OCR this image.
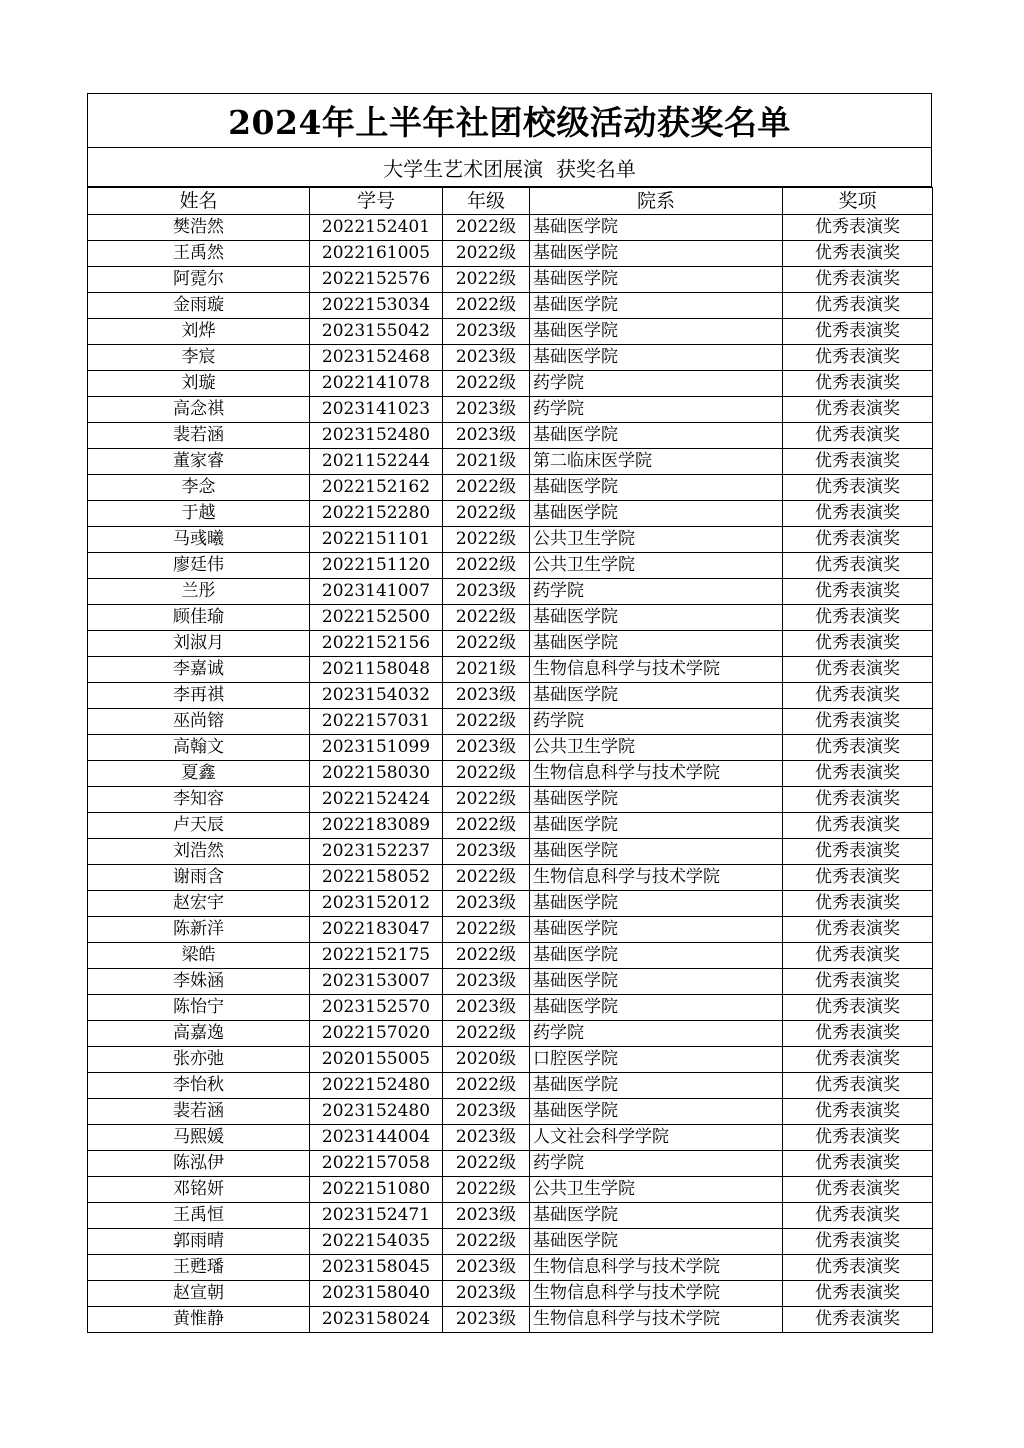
2024年上半年社团校级活动获奖名单
大学生艺术团展演  获奖名单
姓名	学号	年级	院系	奖项
樊浩然	2022152401	2022级	基础医学院	优秀表演奖
王禹然	2022161005	2022级	基础医学院	优秀表演奖
阿霓尔	2022152576	2022级	基础医学院	优秀表演奖
金雨璇	2022153034	2022级	基础医学院	优秀表演奖
刘烨	2023155042	2023级	基础医学院	优秀表演奖
李宸	2023152468	2023级	基础医学院	优秀表演奖
刘璇	2022141078	2022级	药学院	优秀表演奖
高念祺	2023141023	2023级	药学院	优秀表演奖
裴若涵	2023152480	2023级	基础医学院	优秀表演奖
董家睿	2021152244	2021级	第二临床医学院	优秀表演奖
李念	2022152162	2022级	基础医学院	优秀表演奖
于越	2022152280	2022级	基础医学院	优秀表演奖
马彧曦	2022151101	2022级	公共卫生学院	优秀表演奖
廖廷伟	2022151120	2022级	公共卫生学院	优秀表演奖
兰彤	2023141007	2023级	药学院	优秀表演奖
顾佳瑜	2022152500	2022级	基础医学院	优秀表演奖
刘淑月	2022152156	2022级	基础医学院	优秀表演奖
李嘉诚	2021158048	2021级	生物信息科学与技术学院	优秀表演奖
李再祺	2023154032	2023级	基础医学院	优秀表演奖
巫尚镕	2022157031	2022级	药学院	优秀表演奖
高翰文	2023151099	2023级	公共卫生学院	优秀表演奖
夏鑫	2022158030	2022级	生物信息科学与技术学院	优秀表演奖
李知容	2022152424	2022级	基础医学院	优秀表演奖
卢天辰	2022183089	2022级	基础医学院	优秀表演奖
刘浩然	2023152237	2023级	基础医学院	优秀表演奖
谢雨含	2022158052	2022级	生物信息科学与技术学院	优秀表演奖
赵宏宇	2023152012	2023级	基础医学院	优秀表演奖
陈新洋	2022183047	2022级	基础医学院	优秀表演奖
梁皓	2022152175	2022级	基础医学院	优秀表演奖
李姝涵	2023153007	2023级	基础医学院	优秀表演奖
陈怡宁	2023152570	2023级	基础医学院	优秀表演奖
高嘉逸	2022157020	2022级	药学院	优秀表演奖
张亦弛	2020155005	2020级	口腔医学院	优秀表演奖
李怡秋	2022152480	2022级	基础医学院	优秀表演奖
裴若涵	2023152480	2023级	基础医学院	优秀表演奖
马熙媛	2023144004	2023级	人文社会科学学院	优秀表演奖
陈泓伊	2022157058	2022级	药学院	优秀表演奖
邓铭妍	2022151080	2022级	公共卫生学院	优秀表演奖
王禹恒	2023152471	2023级	基础医学院	优秀表演奖
郭雨晴	2022154035	2022级	基础医学院	优秀表演奖
王甦璠	2023158045	2023级	生物信息科学与技术学院	优秀表演奖
赵宣朝	2023158040	2023级	生物信息科学与技术学院	优秀表演奖
黄惟静	2023158024	2023级	生物信息科学与技术学院	优秀表演奖
